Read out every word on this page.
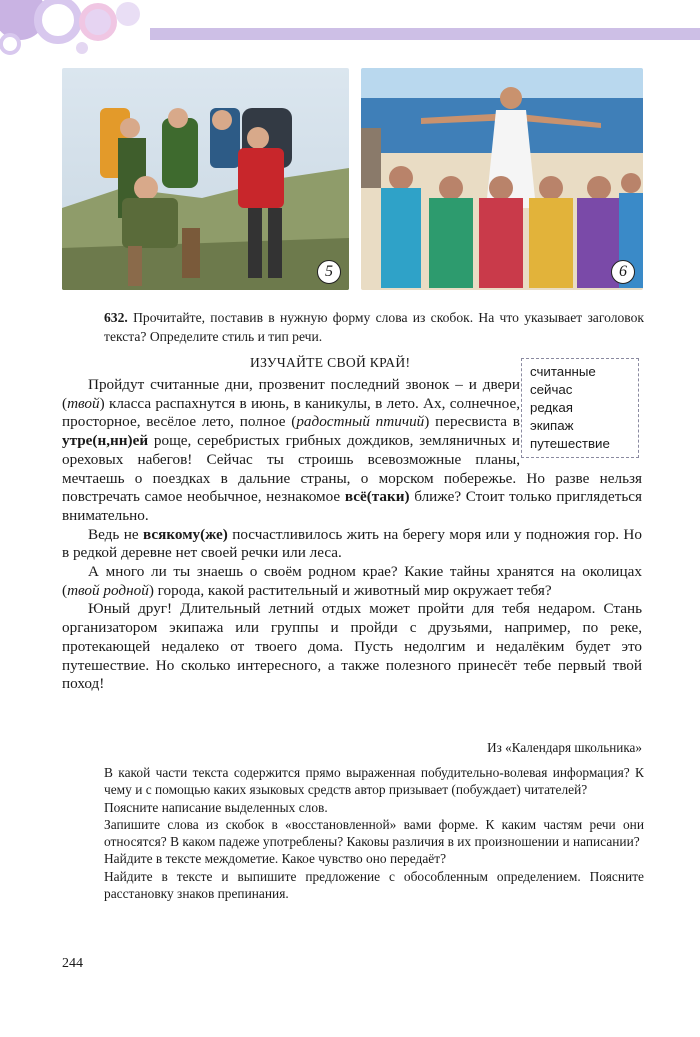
5	6
632. Прочитайте, поставив в нужную форму слова из скобок. На что указывает заголовок текста? Определите стиль и тип речи.
ИЗУЧАЙТЕ СВОЙ КРАЙ!
считанные
сейчас
редкая
экипаж
путешествие

Пройдут считанные дни, прозвенит последний звонок – и двери (твой) класса распахнутся в июнь, в каникулы, в лето. Ах, солнечное, просторное, весёлое лето, полное (радостный птичий) пересвиста в утре(н,нн)ей роще, серебристых грибных дождиков, земляничных и ореховых набегов! Сейчас ты строишь всевозможные планы, мечтаешь о поездках в дальние страны, о морском побережье. Но разве нельзя повстречать самое необычное, незнакомое всё(таки) ближе? Стоит только приглядеться внимательно.

Ведь не всякому(же) посчастливилось жить на берегу моря или у подножия гор. Но в редкой деревне нет своей речки или леса.

А много ли ты знаешь о своём родном крае? Какие тайны хранятся на околицах (твой родной) города, какой растительный и животный мир окружает тебя?

Юный друг! Длительный летний отдых может пройти для тебя недаром. Стань организатором экипажа или группы и пройди с друзьями, например, по реке, протекающей недалеко от твоего дома. Пусть недолгим и недалёким будет это путешествие. Но сколько интересного, а также полезного принесёт тебе первый твой поход!

Из «Календаря школьника»

В какой части текста содержится прямо выраженная побудительно-волевая информация? К чему и с помощью каких языковых средств автор призывает (побуждает) читателей?

Поясните написание выделенных слов.

Запишите слова из скобок в «восстановленной» вами форме. К каким частям речи они относятся? В каком падеже употреблены? Каковы различия в их произношении и написании?

Найдите в тексте междометие. Какое чувство оно передаёт?

Найдите в тексте и выпишите предложение с обособленным определением. Поясните расстановку знаков препинания.

244
